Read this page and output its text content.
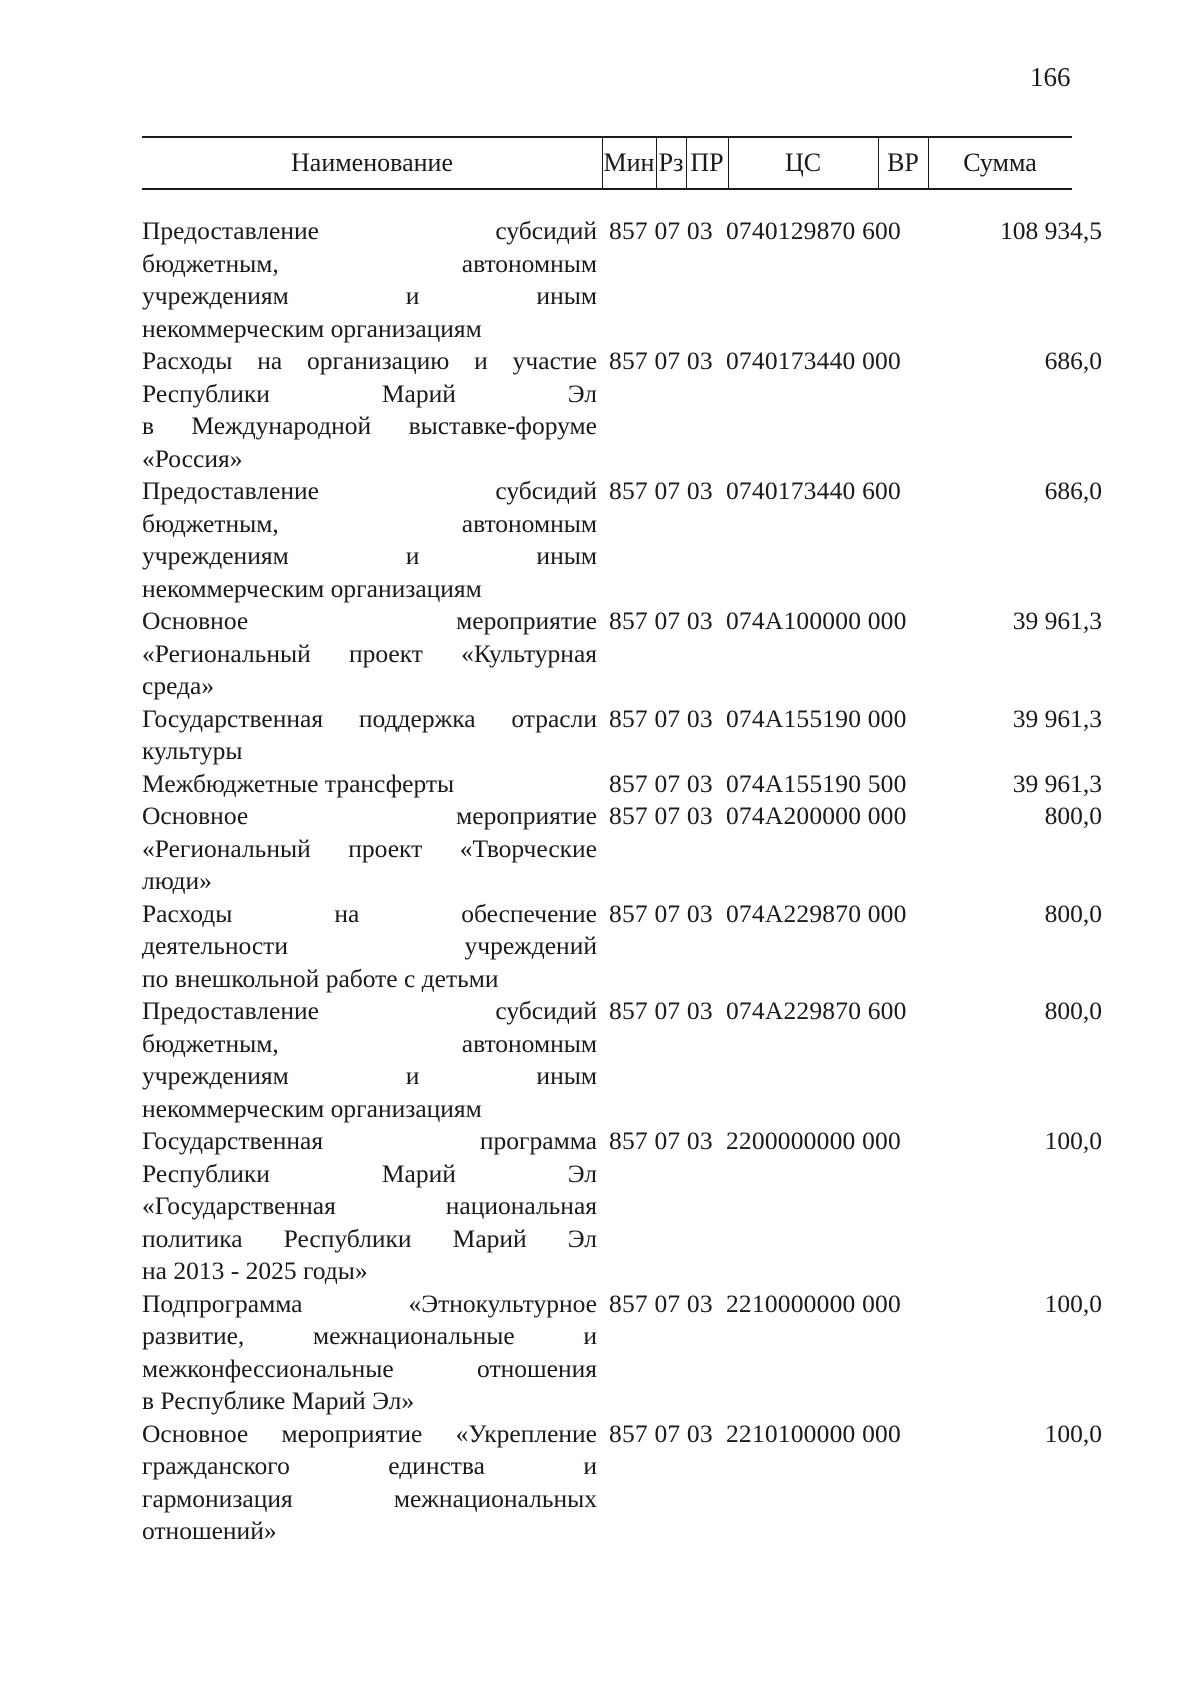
166
Наименование	Мин Рз ПР	ЦС	ВР	Сумма
Предоставление субсидий
бюджетным, автономным
учреждениям и иным
некоммерческим организациям
857 07 03 0740129870 600	108 934,5
Расходы на организацию и участие
Республики Марий Эл
в Международной выставке-форуме
«Россия»
857 07 03 0740173440 000	686,0
Предоставление субсидий
бюджетным, автономным
учреждениям и иным
некоммерческим организациям
857 07 03 0740173440 600	686,0
Основное мероприятие
«Региональный проект «Культурная
среда»
857 07 03 074A100000 000	39 961,3
Государственная поддержка отрасли
культуры
857 07 03 074A155190 000	39 961,3
Межбюджетные трансферты	857 07 03 074A155190 500	39 961,3
Основное мероприятие
«Региональный проект «Творческие
люди»
857 07 03 074A200000 000	800,0
Расходы на обеспечение
деятельности учреждений
по внешкольной работе с детьми
857 07 03 074A229870 000	800,0
Предоставление субсидий
бюджетным, автономным
учреждениям и иным
некоммерческим организациям
857 07 03 074A229870 600	800,0
Государственная программа
Республики Марий Эл
«Государственная национальная
политика Республики Марий Эл
на 2013 - 2025 годы»
857 07 03 2200000000 000	100,0
Подпрограмма «Этнокультурное
развитие, межнациональные и
межконфессиональные отношения
в Республике Марий Эл»
857 07 03 2210000000 000	100,0
Основное мероприятие «Укрепление
гражданского единства и
гармонизация межнациональных
отношений»
857 07 03 2210100000 000	100,0
